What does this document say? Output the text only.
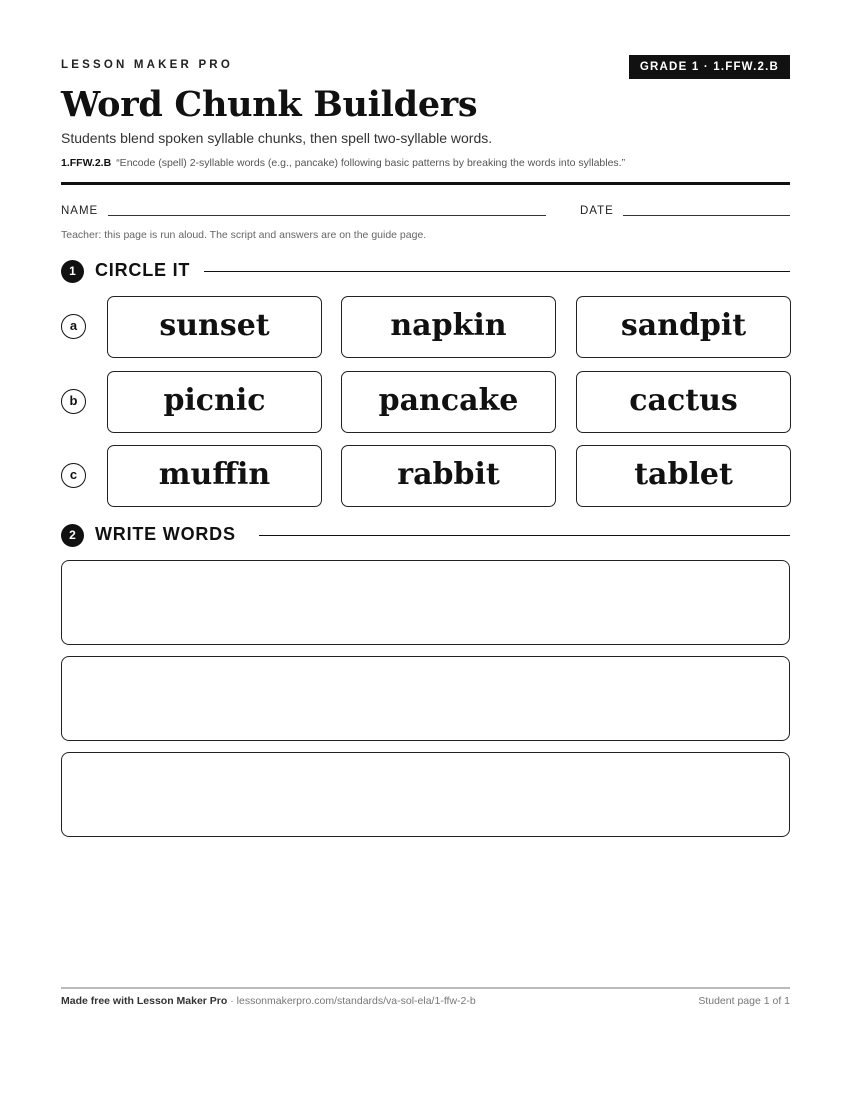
LESSON MAKER PRO	GRADE 1 · 1.FFW.2.B
Word Chunk Builders

Students blend spoken syllable chunks, then spell two-syllable words.

1.FFW.2.B “Encode (spell) 2-syllable words (e.g., pancake) following basic patterns by breaking the words into syllables.”

NAME	DATE

Teacher: this page is run aloud. The script and answers are on the guide page.

1	CIRCLE IT
a	sunset	napkin	sandpit
b	picnic	pancake	cactus
c	muffin	rabbit	tablet
2	WRITE WORDS

Made free with Lesson Maker Pro · lessonmakerpro.com/standards/va-sol-ela/1-ffw-2-b	Student page 1 of 1
